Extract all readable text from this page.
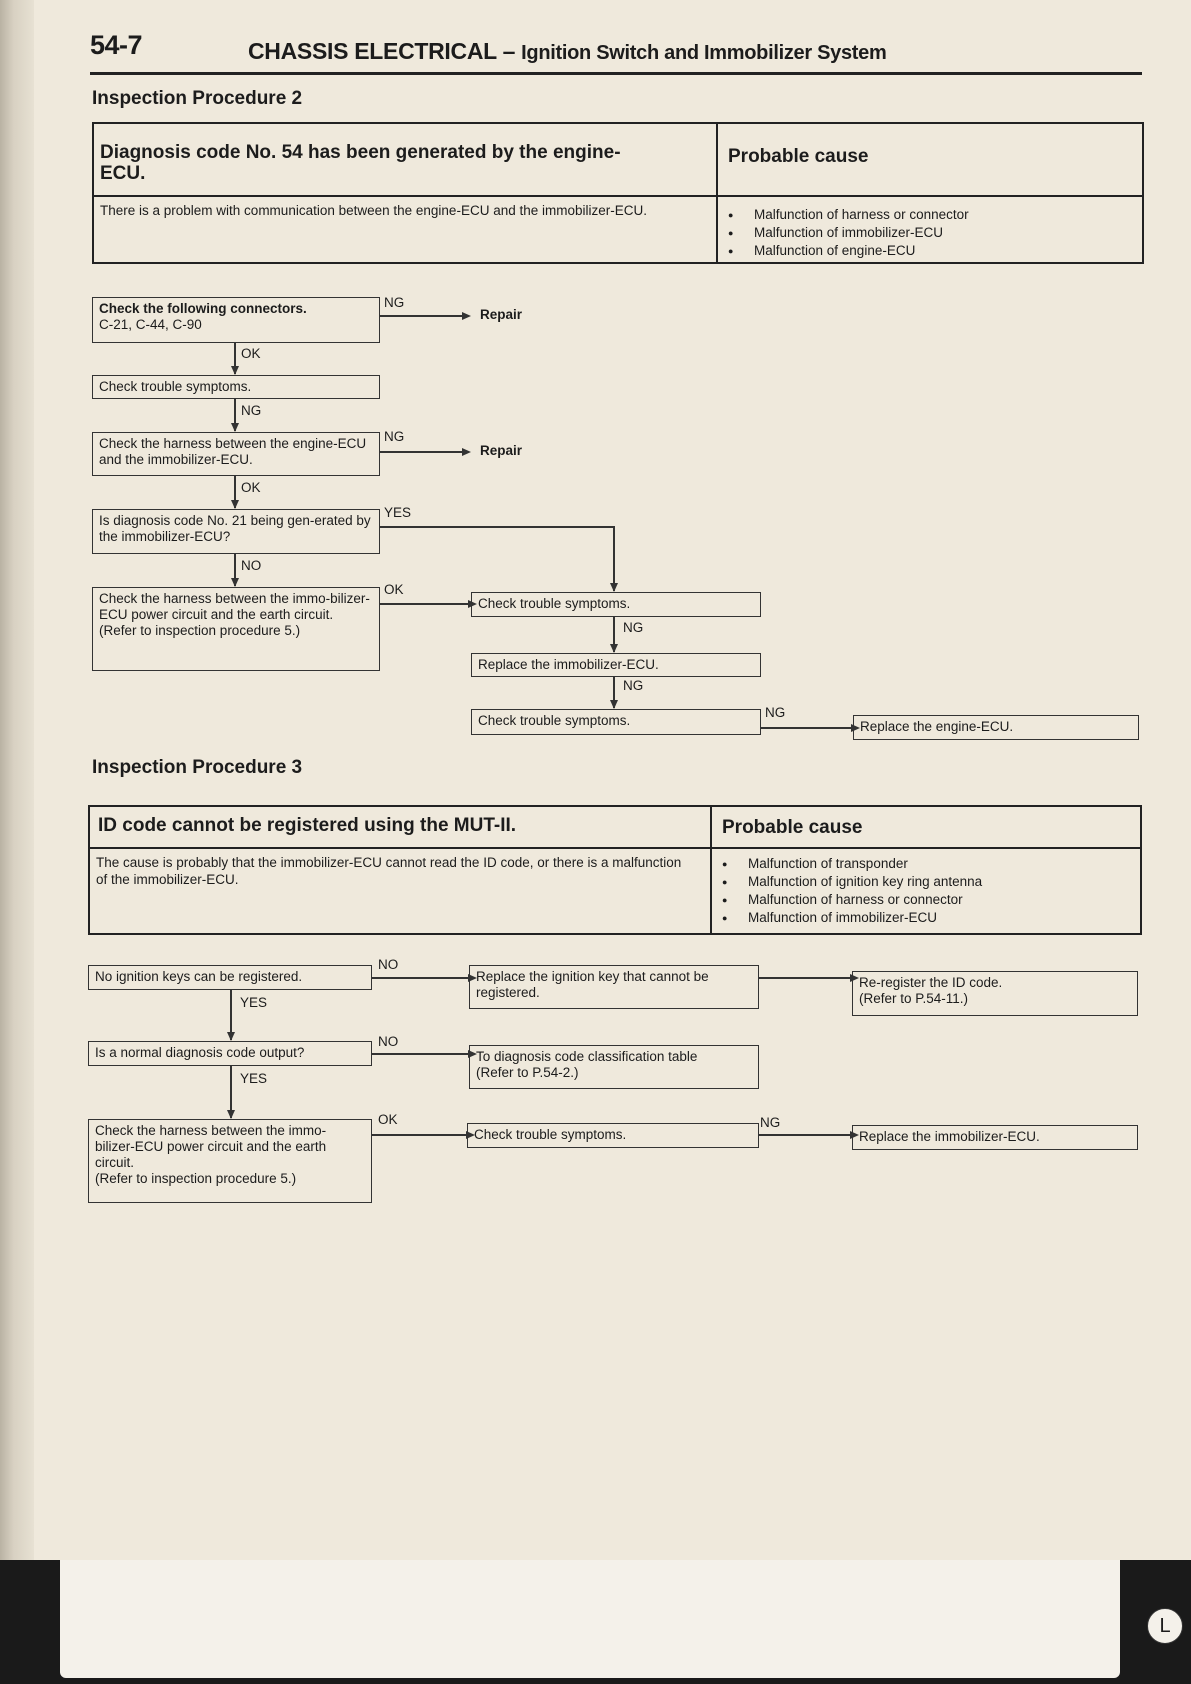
54-7	CHASSIS ELECTRICAL – Ignition Switch and Immobilizer System
Inspection Procedure 2
Diagnosis code No. 54 has been generated by the engine-ECU.
Probable cause
There is a problem with communication between the engine-ECU and the immobilizer-ECU.
●	Malfunction of harness or connector
● Malfunction of immobilizer-ECU
● Malfunction of engine-ECU
Check the following connectors.
C-21, C-44, C-90
NG
Repair
OK
Check trouble symptoms.
NG
Check the harness between the engine-ECU and the immobilizer-ECU.
NG
Repair
OK
Is diagnosis code No. 21 being gen-erated by the immobilizer-ECU?
YES
NO
Check the harness between the immo-bilizer-ECU power circuit and the earth circuit.
(Refer to inspection procedure 5.)
OK
Check trouble symptoms.
NG
Replace the immobilizer-ECU.
NG
Check trouble symptoms.
NG
Replace the engine-ECU.
Inspection Procedure 3
ID code cannot be registered using the MUT-II.	Probable cause
The cause is probably that the immobilizer-ECU cannot read the ID code, or there is a malfunction of the immobilizer-ECU.
● Malfunction of transponder
● Malfunction of ignition key ring antenna
● Malfunction of harness or connector
● Malfunction of immobilizer-ECU
No ignition keys can be registered.
NO
Replace the ignition key that cannot be registered.
Re-register the ID code.
(Refer to P.54-11.)
YES
Is a normal diagnosis code output?
NO
To diagnosis code classification table
(Refer to P.54-2.)
YES
Check the harness between the immo-bilizer-ECU power circuit and the earth circuit.
(Refer to inspection procedure 5.)
OK
Check trouble symptoms.
NG
Replace the immobilizer-ECU.
L
